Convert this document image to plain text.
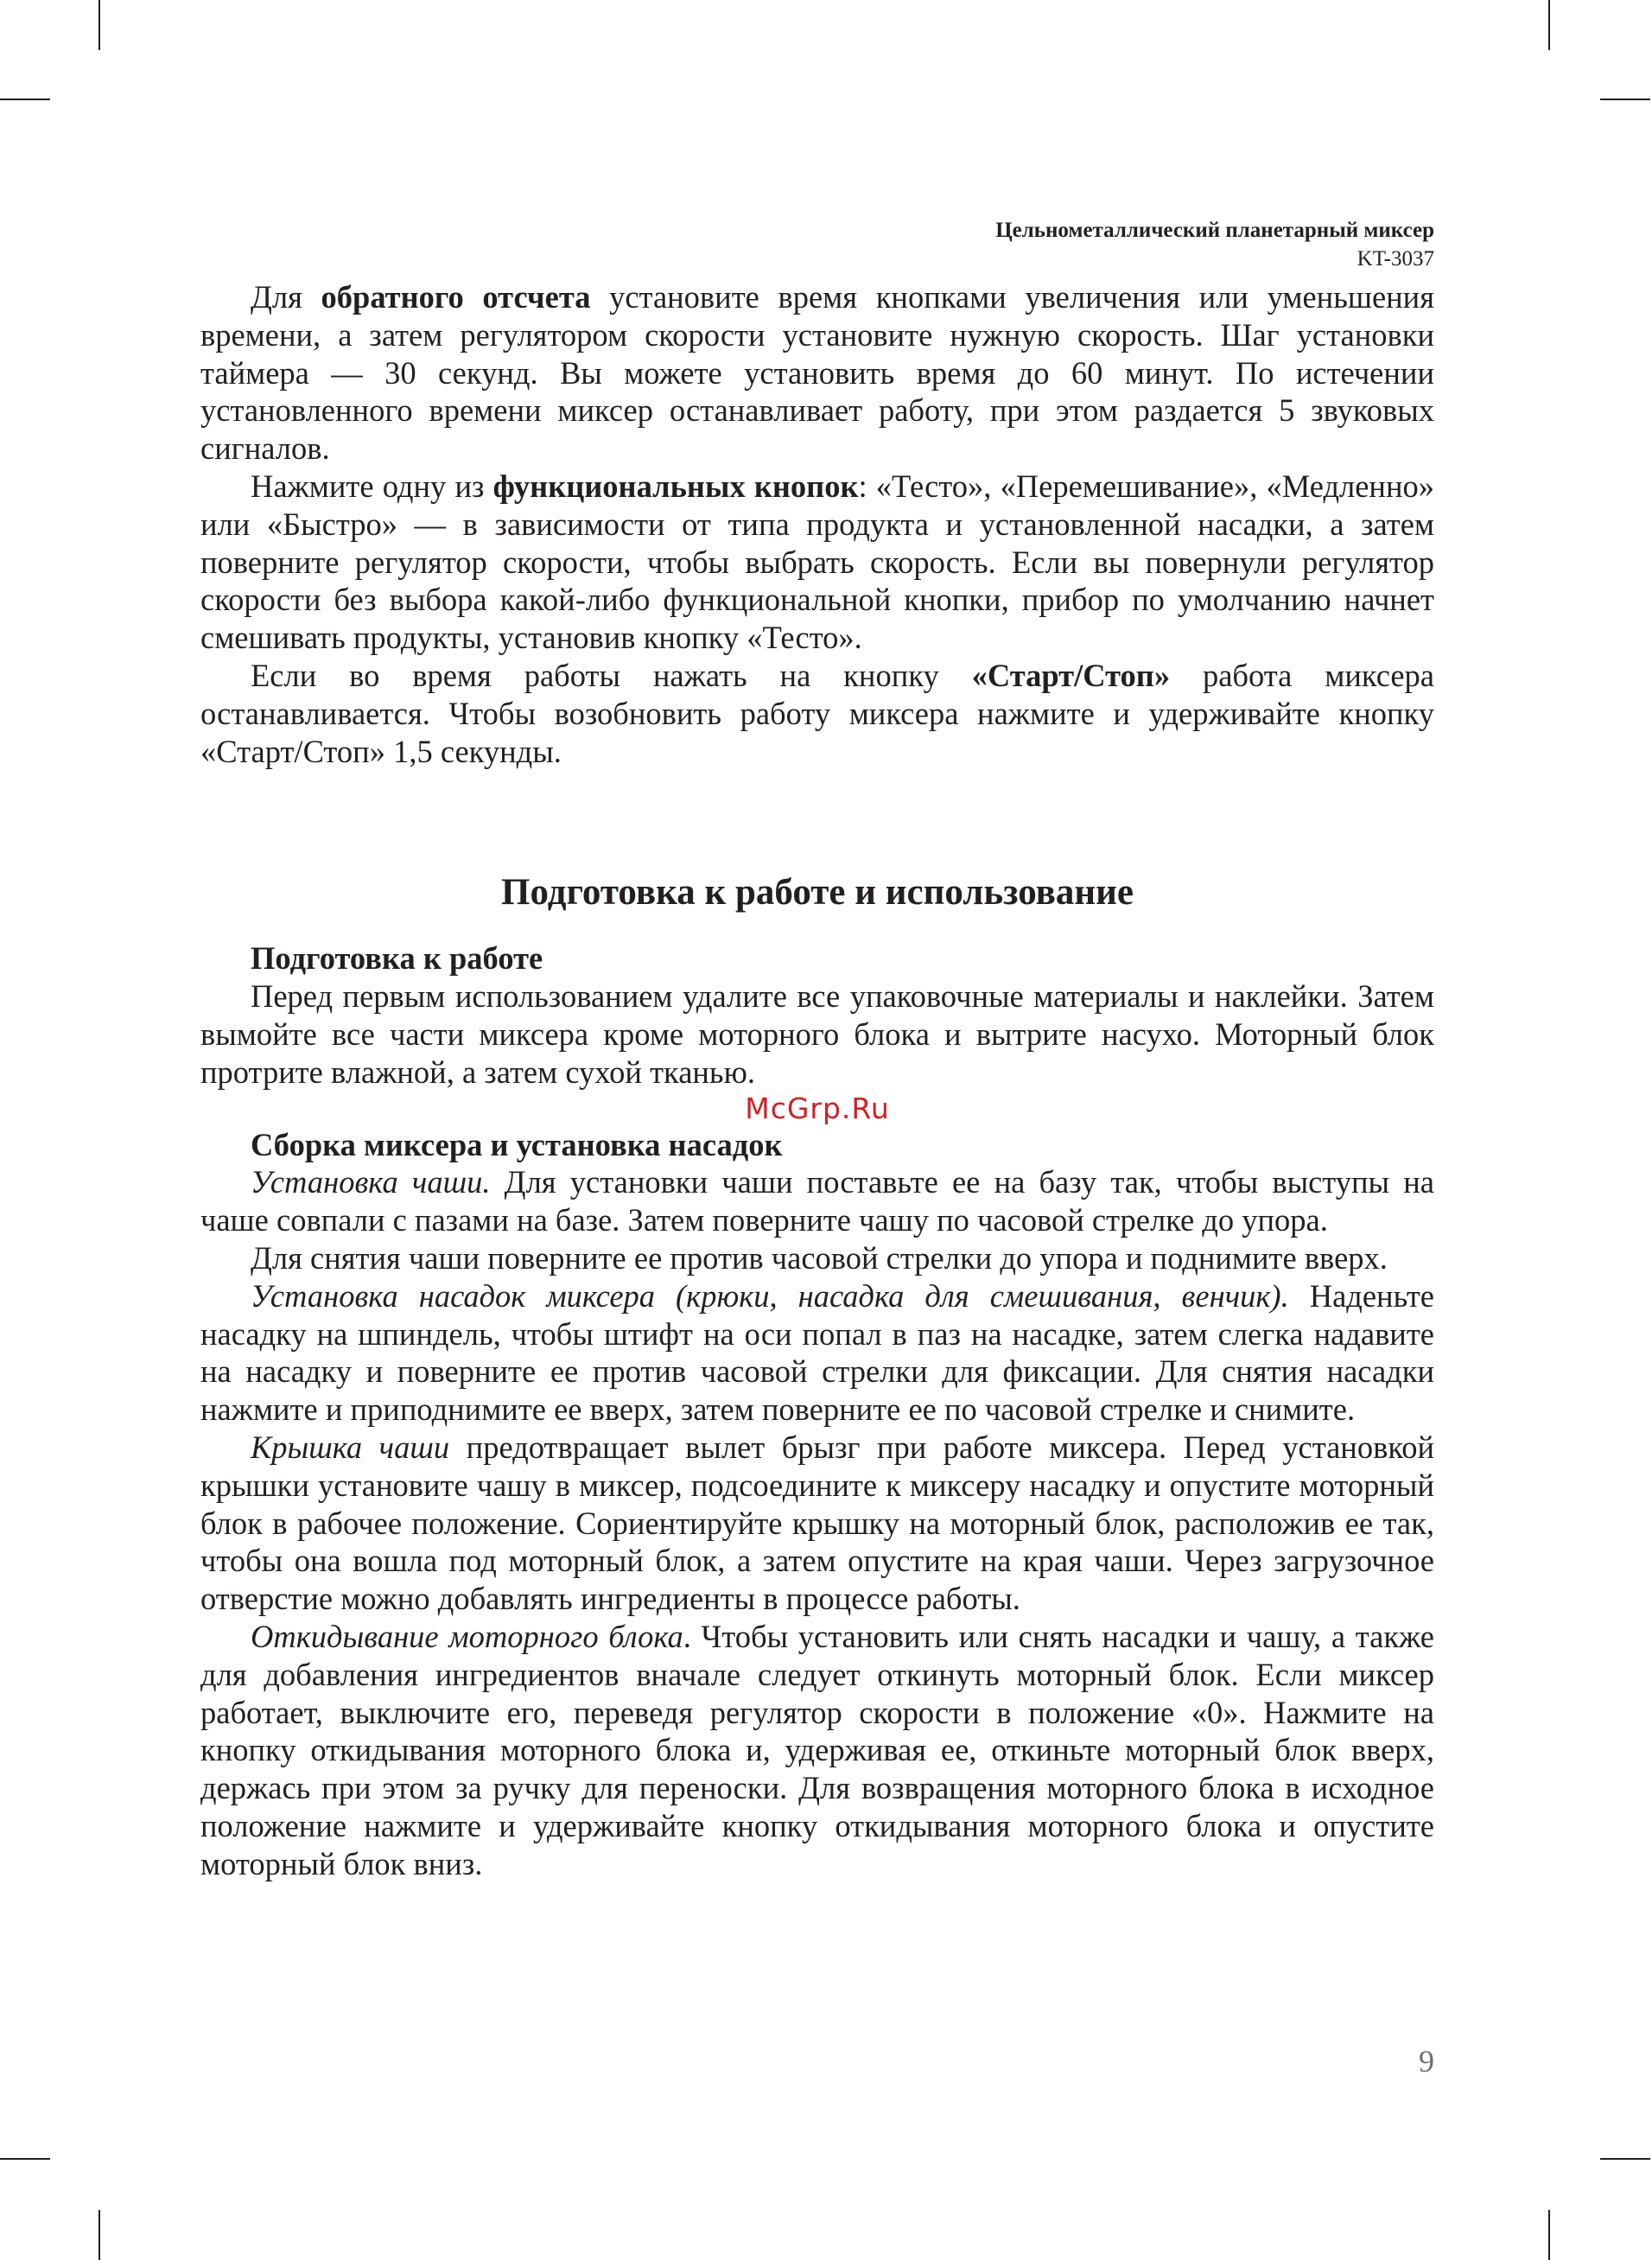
Цельнометаллический планетарный миксер
KT-3037

Для обратного отсчета установите время кнопками увеличения или уменьшения времени, а затем регулятором скорости установите нужную скорость. Шаг установки таймера — 30 секунд. Вы можете установить время до 60 минут. По истечении установленного времени миксер останавливает работу, при этом раздается 5 звуковых сигналов.

Нажмите одну из функциональных кнопок: «Тесто», «Перемешивание», «Медленно» или «Быстро» — в зависимости от типа продукта и установленной насадки, а затем поверните регулятор скорости, чтобы выбрать скорость. Если вы повернули регулятор скорости без выбора какой-либо функциональной кнопки, прибор по умолчанию начнет смешивать продукты, установив кнопку «Тесто».

Если во время работы нажать на кнопку «Старт/Стоп» работа миксера останавливается. Чтобы возобновить работу миксера нажмите и удерживайте кнопку «Старт/Стоп» 1,5 секунды.

Подготовка к работе и использование

Подготовка к работе

Перед первым использованием удалите все упаковочные материалы и наклейки. Затем вымойте все части миксера кроме моторного блока и вытрите насухо. Моторный блок протрите влажной, а затем сухой тканью.

McGrp.Ru

Сборка миксера и установка насадок

Установка чаши. Для установки чаши поставьте ее на базу так, чтобы выступы на чаше совпали с пазами на базе. Затем поверните чашу по часовой стрелке до упора.

Для снятия чаши поверните ее против часовой стрелки до упора и поднимите вверх.

Установка насадок миксера (крюки, насадка для смешивания, венчик). Наденьте насадку на шпиндель, чтобы штифт на оси попал в паз на насадке, затем слегка надавите на насадку и поверните ее против часовой стрелки для фиксации. Для снятия насадки нажмите и приподнимите ее вверх, затем поверните ее по часовой стрелке и снимите.

Крышка чаши предотвращает вылет брызг при работе миксера. Перед установкой крышки установите чашу в миксер, подсоедините к миксеру насадку и опустите моторный блок в рабочее положение. Сориентируйте крышку на моторный блок, расположив ее так, чтобы она вошла под моторный блок, а затем опустите на края чаши. Через загрузочное отверстие можно добавлять ингредиенты в процессе работы.

Откидывание моторного блока. Чтобы установить или снять насадки и чашу, а также для добавления ингредиентов вначале следует откинуть моторный блок. Если миксер работает, выключите его, переведя регулятор скорости в положение «0». Нажмите на кнопку откидывания моторного блока и, удерживая ее, откиньте моторный блок вверх, держась при этом за ручку для переноски. Для возвращения моторного блока в исходное положение нажмите и удерживайте кнопку откидывания моторного блока и опустите моторный блок вниз.

9
